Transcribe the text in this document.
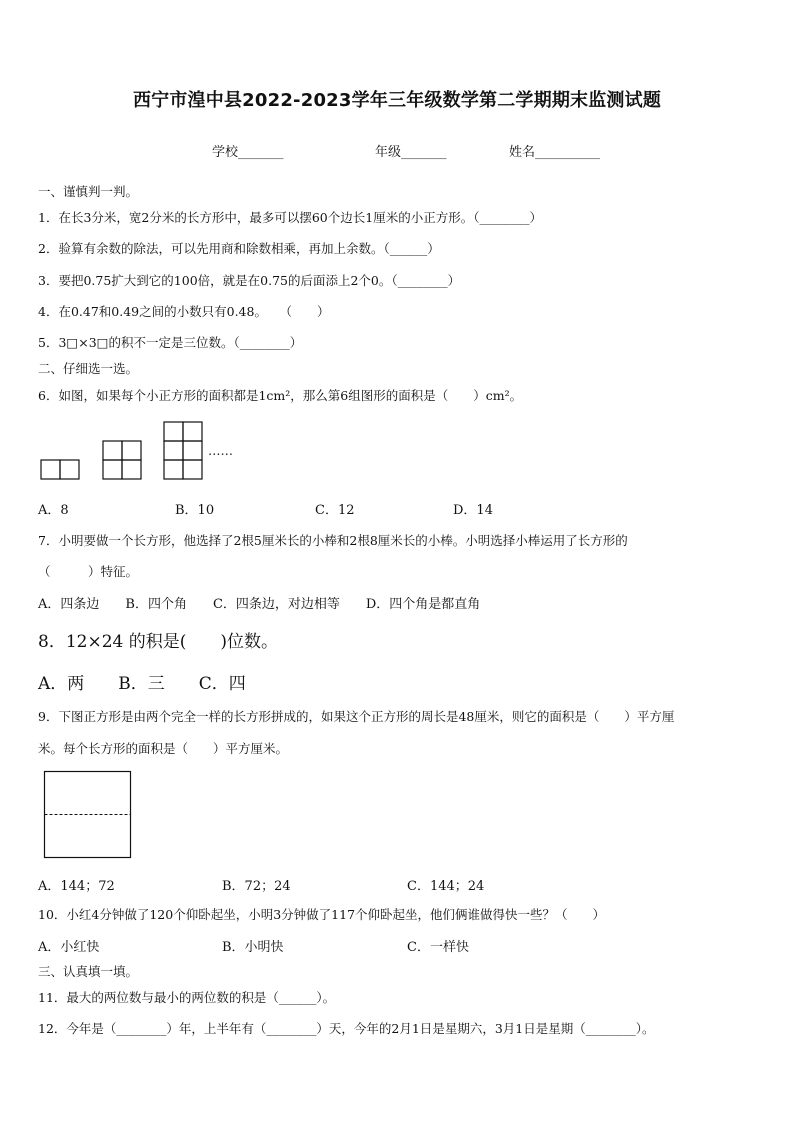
西宁市湟中县2022-2023学年三年级数学第二学期期末监测试题
学校_______	年级_______	姓名__________
一、谨慎判一判。
1．在长3分米，宽2分米的长方形中，最多可以摆60个边长1厘米的小正方形。（________）
2．验算有余数的除法，可以先用商和除数相乘，再加上余数。（______）
3．要把0.75扩大到它的100倍，就是在0.75的后面添上2个0。（________）
4．在0.47和0.49之间的小数只有0.48。　　（　　）
5．3□×3□的积不一定是三位数。（________）
二、仔细选一选。
6．如图，如果每个小正方形的面积都是1cm²，那么第6组图形的面积是（　　）cm²。
……
A．8	B．10	C．12	D．14
7．小明要做一个长方形，他选择了2根5厘米长的小棒和2根8厘米长的小棒。小明选择小棒运用了长方形的
（　　　）特征。
A．四条边　　B．四个角　　C．四条边，对边相等　　D．四个角是都直角
8．12×24 的积是(　　)位数。
A．两　　B．三　　C．四
9．下图正方形是由两个完全一样的长方形拼成的，如果这个正方形的周长是48厘米，则它的面积是（　　）平方厘
米。每个长方形的面积是（　　）平方厘米。
A．144；72	B．72；24	C．144；24
10．小红4分钟做了120个仰卧起坐，小明3分钟做了117个仰卧起坐，他们俩谁做得快一些？（　　）
A．小红快	B．小明快	C．一样快
三、认真填一填。
11．最大的两位数与最小的两位数的积是（______）。
12．今年是（________）年，上半年有（________）天，今年的2月1日是星期六，3月1日是星期（________）。
